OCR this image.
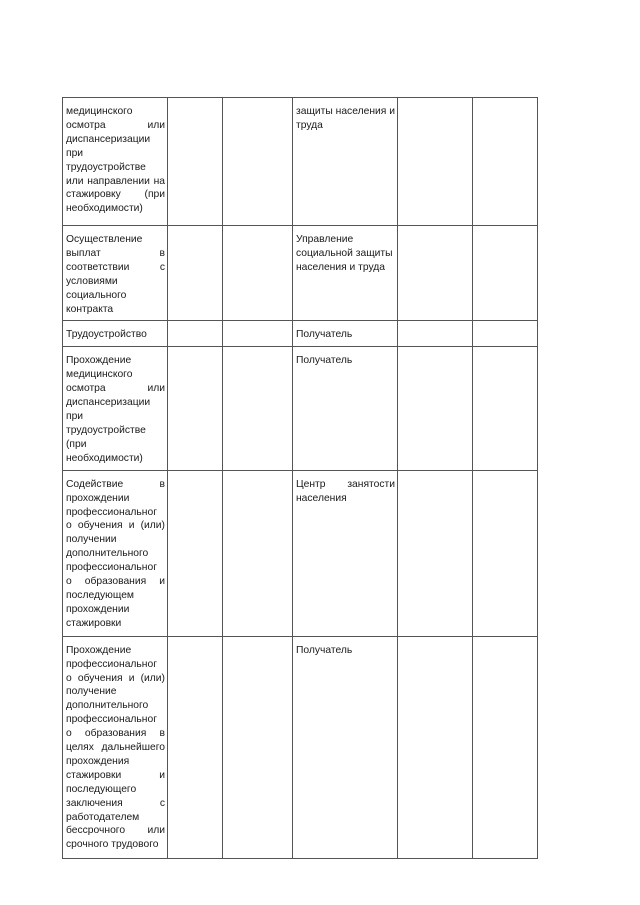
медицинского осмотра или диспансеризации при трудоустройстве или направлении на стажировку (при необходимости)			защиты населения и труда		

Осуществление выплат в соответствии с условиями социального контракта			Управление социальной защиты населения и труда		

Трудоустройство			Получатель		

Прохождение медицинского осмотра или диспансеризации при трудоустройстве (при необходимости)			Получатель		

Содействие в прохождении профессиональног о обучения и (или) получении дополнительного профессиональног о образования и последующем прохождении стажировки			Центр занятости населения		

Прохождение профессиональног о обучения и (или) получение дополнительного профессиональног о образования в целях дальнейшего прохождения стажировки и последующего заключения с работодателем бессрочного или срочного трудового			Получатель		
